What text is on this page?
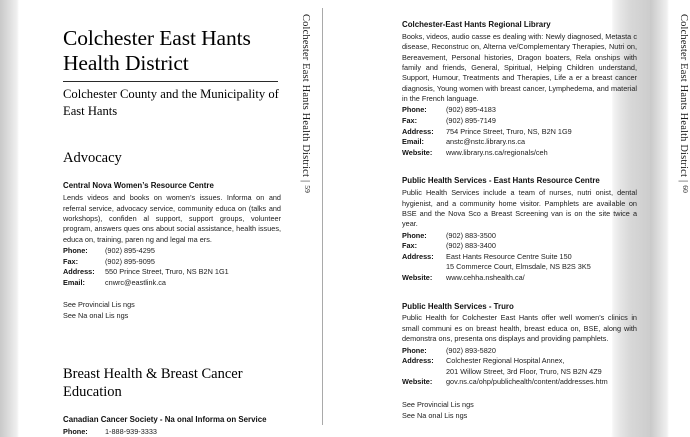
Colchester East Hants Health District|59
Colchester East Hants Health District
Colchester County and the Municipality of East Hants
Advocacy
Central Nova Women’s Resource Centre
Lends videos and books on women’s issues. Informa on and referral service, advocacy service, community educa on (talks and workshops), confiden al support, support groups, volunteer program, answers ques ons about social assistance, health issues, educa on, training, paren ng and legal ma ers.
Phone:	(902) 895-4295
Fax:	(902) 895-9095
Address:	550 Prince Street, Truro, NS B2N 1G1
Email:	cnwrc@eastlink.ca
See Provincial Lis ngs
See Na onal Lis ngs
Breast Health & Breast Cancer Education
Canadian Cancer Society - Na onal Informa on Service
Phone:	1-888-939-3333
Colchester East Hants Health District|60
Colchester-East Hants Regional Library
Books, videos, audio casse es dealing with: Newly diagnosed, Metasta c disease, Reconstruc on, Alterna ve/Complementary Therapies, Nutri on, Bereavement, Personal histories, Dragon boaters, Rela onships with family and friends, General, Spiritual, Helping Children understand, Support, Humour, Treatments and Therapies, Life a er a breast cancer diagnosis, Young women with breast cancer, Lymphedema, and material in the French language.
Phone:	(902) 895-4183
Fax:	(902) 895-7149
Address:	754 Prince Street, Truro, NS, B2N 1G9
Email:	anstc@nstc.library.ns.ca
Website:	www.library.ns.ca/regionals/ceh
Public Health Services - East Hants Resource Centre
Public Health Services include a team of nurses, nutri onist, dental hygienist, and a community home visitor. Pamphlets are available on BSE and the Nova Sco a Breast Screening van is on the site twice a year.
Phone:	(902) 883-3500
Fax:	(902) 883-3400
Address:	East Hants Resource Centre Suite 150
15 Commerce Court, Elmsdale, NS B2S 3K5
Website:	www.cehha.nshealth.ca/
Public Health Services - Truro
Public Health for Colchester East Hants offer well women’s clinics in small communi es on breast health, breast educa on, BSE, along with demonstra ons, presenta ons displays and providing pamphlets.
Phone:	(902) 893-5820
Address:	Colchester Regional Hospital Annex,
201 Willow Street, 3rd Floor, Truro, NS B2N 4Z9
Website:	gov.ns.ca/ohp/publichealth/content/addresses.htm
See Provincial Lis ngs
See Na onal Lis ngs
